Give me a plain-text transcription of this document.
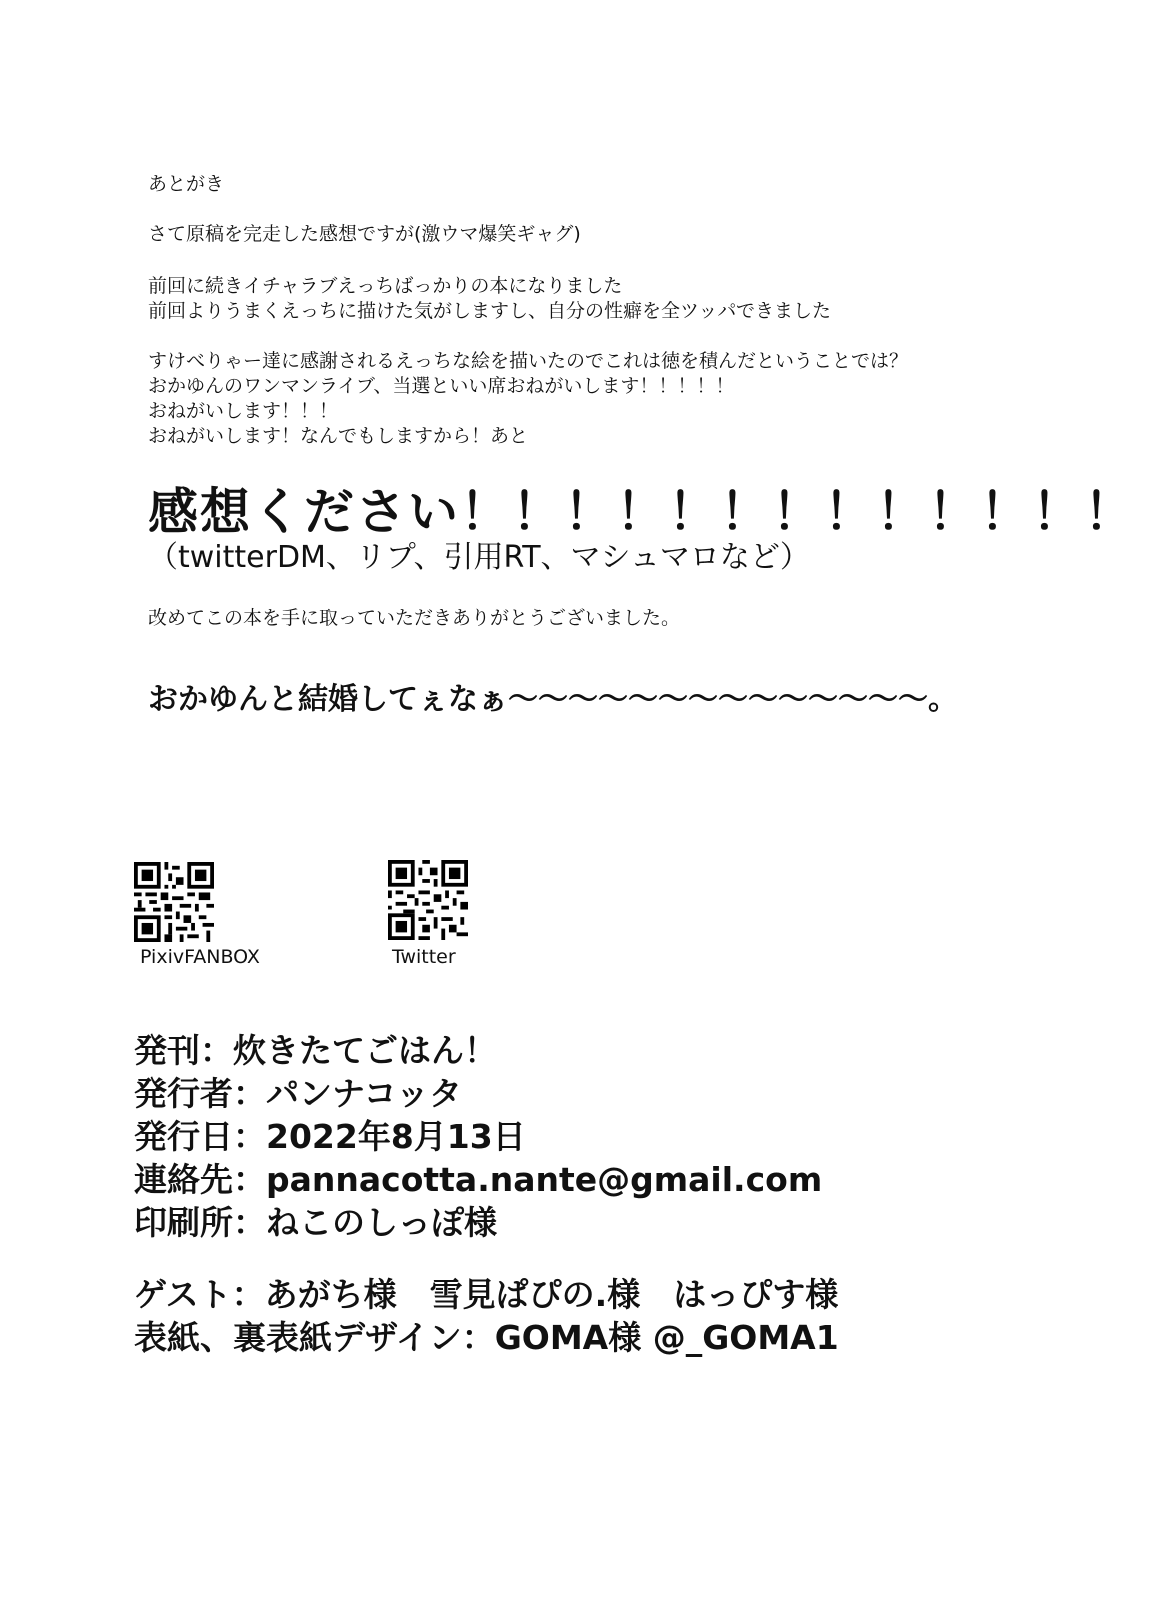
あとがき
さて原稿を完走した感想ですが(激ウマ爆笑ギャグ)
前回に続きイチャラブえっちばっかりの本になりました
前回よりうまくえっちに描けた気がしますし、自分の性癖を全ツッパできました
すけべりゃー達に感謝されるえっちな絵を描いたのでこれは徳を積んだということでは？
おかゆんのワンマンライブ、当選といい席おねがいします！！！！！
おねがいします！！！
おねがいします！なんでもしますから！あと
感想ください！！！！！！！！！！！！！
（twitterDM、リプ、引用RT、マシュマロなど）
改めてこの本を手に取っていただきありがとうございました。
おかゆんと結婚してぇなぁ〜〜〜〜〜〜〜〜〜〜〜〜〜〜。
PixivFANBOX	Twitter
発刊：炊きたてごはん！
発行者：パンナコッタ
発行日：2022年8月13日
連絡先：pannacotta.nante@gmail.com
印刷所：ねこのしっぽ様
ゲスト：あがち様　雪見ぱぴの.様　はっぴす様
表紙、裏表紙デザイン：GOMA様 @_GOMA1
